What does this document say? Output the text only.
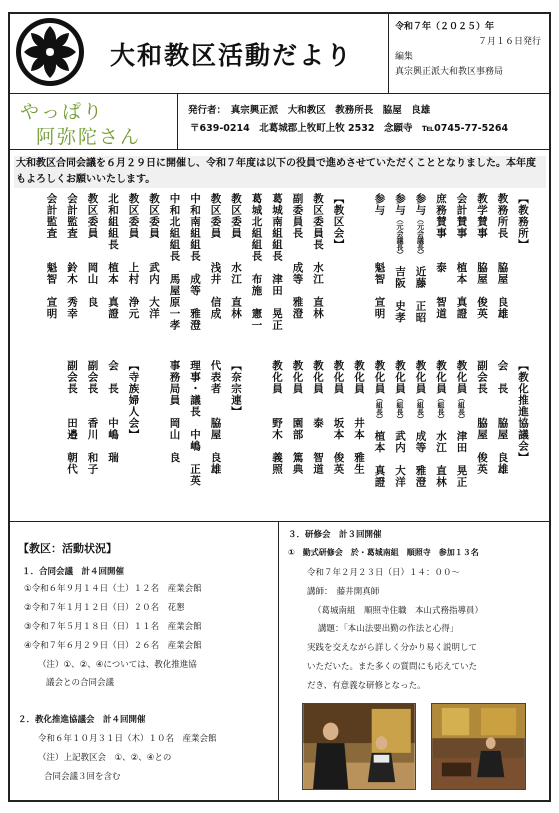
大和教区活動だより
令和７年（２０２５）年
７月１６日発行
編集
真宗興正派大和教区事務局
やっぱり
阿弥陀さん
発行者：　真宗興正派　大和教区　教務所長　脇屋　良雄
〒639-0214　北葛城郡上牧町上牧 2532　念願寺　℡0745-77-5264
大和教区合同会議を６月２９日に開催し、令和７年度は以下の役員で進めさせていただくこととなりました。本年度もよろしくお願いいたします。
【教務所】
教務所長　　脇屋　良雄
教学賛事　　脇屋　俊英
会計賛事　　植本　真證
庶務賛事　　泰　　智道
参与（元会議長）　近藤　正昭
参与（元会議長）　吉阪　史孝
参与　　　　魁智　宣明
【教区会】
教区委員長　水江　直林
副委員長　　成等　雅澄
葛城南組組長　津田　晃正
葛城北組組長　布施　憲一
教区委員　　水江　直林
教区委員　　浅井　信成
中和南組組長　成等　雅澄
中和北組組長　馬屋原一孝
教区委員　　武内　大洋
教区委員　　上村　浄元
北和組組長　植本　真證
教区委員　　岡山　良
会計監査　　鈴木　秀幸
会計監査　　魁智　宣明
【教化推進協議会】
会　長　　脇屋　良雄
副会長　　脇屋　俊英
教化員（組長）　津田　晃正
教化員（組長）　水江　直林
教化員（組長）　成等　雅澄
教化員（組長）　武内　大洋
教化員（組長）　植本　真證
教化員　　井本　雅生
教化員　　坂本　俊英
教化員　　泰　　智道
教化員　　園部　篤典
教化員　　野木　義照
【奈宗連】
代表者　　脇屋　良雄
理事・議長　中嶋　正英
事務局員　岡山　良
【寺族婦人会】
会　長　　中嶋　瑞
副会長　　香川　和子
副会長　　田邉　朝代
【教区：活動状況】
１．合同会議　計４回開催
①令和６年９月１４日（土）１２名　産業会館
②令和７年１月１２日（日）２０名　花懇
③令和７年５月１８日（日）１１名　産業会館
④令和７年６月２９日（日）２６名　産業会館
（注）①、②、④については、教化推進協
議会との合同会議
２．教化推進協議会　計４回開催
令和６年１０月３１日（木）１０名　産業会館
（注）上記教区会　①、②、④との
合同会議３回を含む
３．研修会　計３回開催
①　勤式研修会　於・葛城南組　順照寺　参加１３名
令和７年２月２３日（日）１４：００～
講師：　藤井開真師
（葛城南組　順照寺住職　本山式務指導員）
講題：「本山法要出勤の作法と心得」
実践を交えながら詳しく分かり易く説明して
いただいた。また多くの質問にも応えていた
だき、有意義な研修となった。
